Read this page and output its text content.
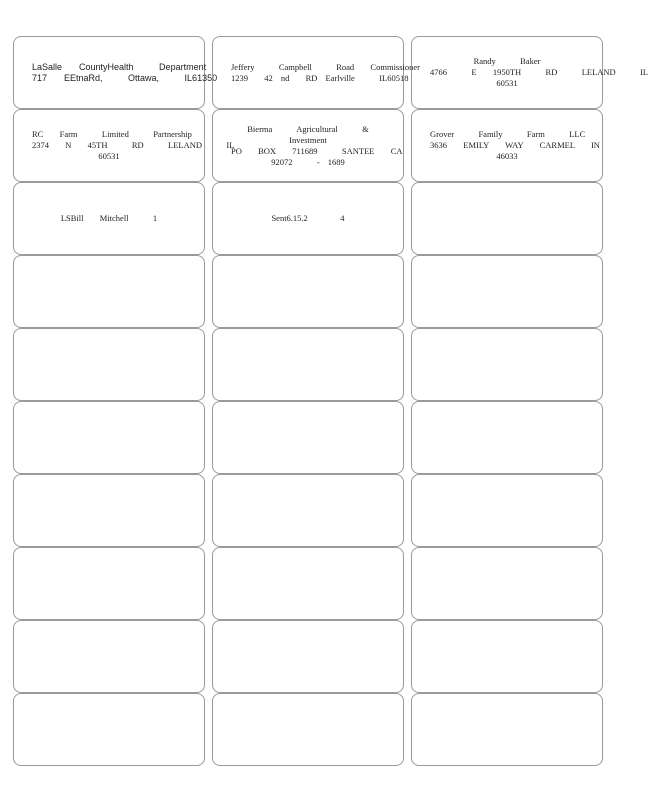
LaSalle  CountyHealth   Department
717  EEtnaRd,   Ottawa,   IL61350
Jeffery   Campbell   Road  Commissioner
1239  42 nd  RD Earlville   IL60518
Randy   Baker
4766   E  1950TH   RD   LELAND   IL
60531
RC  Farm   Limited   Partnership
2374  N  45TH   RD   LELAND   IL
60531
Bierma   Agricultural   &
Investment
PO  BOX  711689   SANTEE  CA
92072   - 1689
Grover   Family   Farm   LLC
3636  EMILY  WAY  CARMEL  IN
46033
LSBill  Mitchell   1	Sent6.15.2    4
